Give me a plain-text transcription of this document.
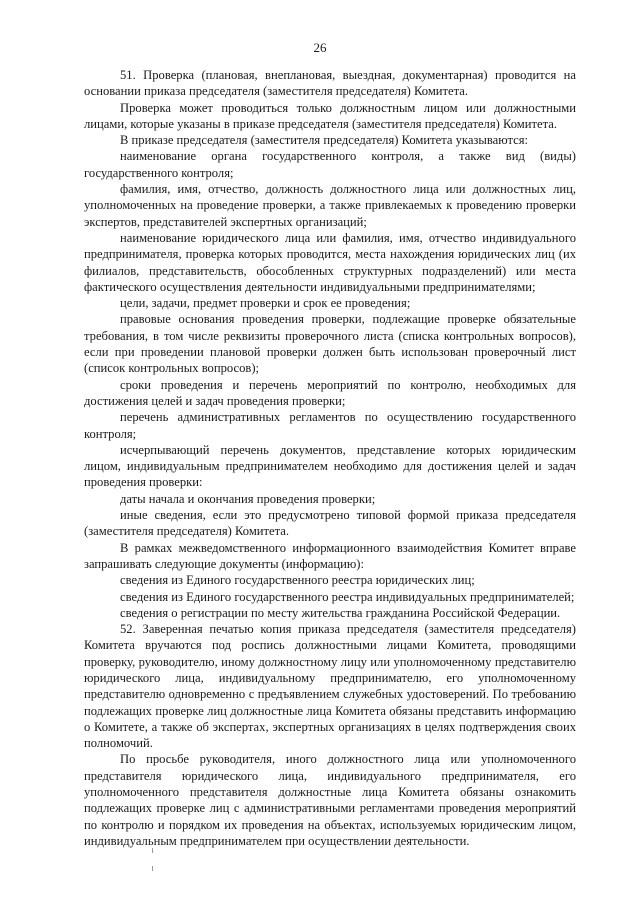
26

51. Проверка (плановая, внеплановая, выездная, документарная) проводится на основании приказа председателя (заместителя председателя) Комитета.

Проверка может проводиться только должностным лицом или должностными лицами, которые указаны в приказе председателя (заместителя председателя) Комитета.

В приказе председателя (заместителя председателя) Комитета указываются:

наименование органа государственного контроля, а также вид (виды) государственного контроля;

фамилия, имя, отчество, должность должностного лица или должностных лиц, уполномоченных на проведение проверки, а также привлекаемых к проведению проверки экспертов, представителей экспертных организаций;

наименование юридического лица или фамилия, имя, отчество индивидуального предпринимателя, проверка которых проводится, места нахождения юридических лиц (их филиалов, представительств, обособленных структурных подразделений) или места фактического осуществления деятельности индивидуальными предпринимателями;

цели, задачи, предмет проверки и срок ее проведения;

правовые основания проведения проверки, подлежащие проверке обязательные требования, в том числе реквизиты проверочного листа (списка контрольных вопросов), если при проведении плановой проверки должен быть использован проверочный лист (список контрольных вопросов);

сроки проведения и перечень мероприятий по контролю, необходимых для достижения целей и задач проведения проверки;

перечень административных регламентов по осуществлению государственного контроля;

исчерпывающий перечень документов, представление которых юридическим лицом, индивидуальным предпринимателем необходимо для достижения целей и задач проведения проверки:

даты начала и окончания проведения проверки;

иные сведения, если это предусмотрено типовой формой приказа председателя (заместителя председателя) Комитета.

В рамках межведомственного информационного взаимодействия Комитет вправе запрашивать следующие документы (информацию):

сведения из Единого государственного реестра юридических лиц;

сведения из Единого государственного реестра индивидуальных предпринимателей;

сведения о регистрации по месту жительства гражданина Российской Федерации.

52. Заверенная печатью копия приказа председателя (заместителя председателя) Комитета вручаются под роспись должностными лицами Комитета, проводящими проверку, руководителю, иному должностному лицу или уполномоченному представителю юридического лица, индивидуальному предпринимателю, его уполномоченному представителю одновременно с предъявлением служебных удостоверений. По требованию подлежащих проверке лиц должностные лица Комитета обязаны представить информацию о Комитете, а также об экспертах, экспертных организациях в целях подтверждения своих полномочий.

По просьбе руководителя, иного должностного лица или уполномоченного представителя юридического лица, индивидуального предпринимателя, его уполномоченного представителя должностные лица Комитета обязаны ознакомить подлежащих проверке лиц с административными регламентами проведения мероприятий по контролю и порядком их проведения на объектах, используемых юридическим лицом, индивидуальным предпринимателем при осуществлении деятельности.
